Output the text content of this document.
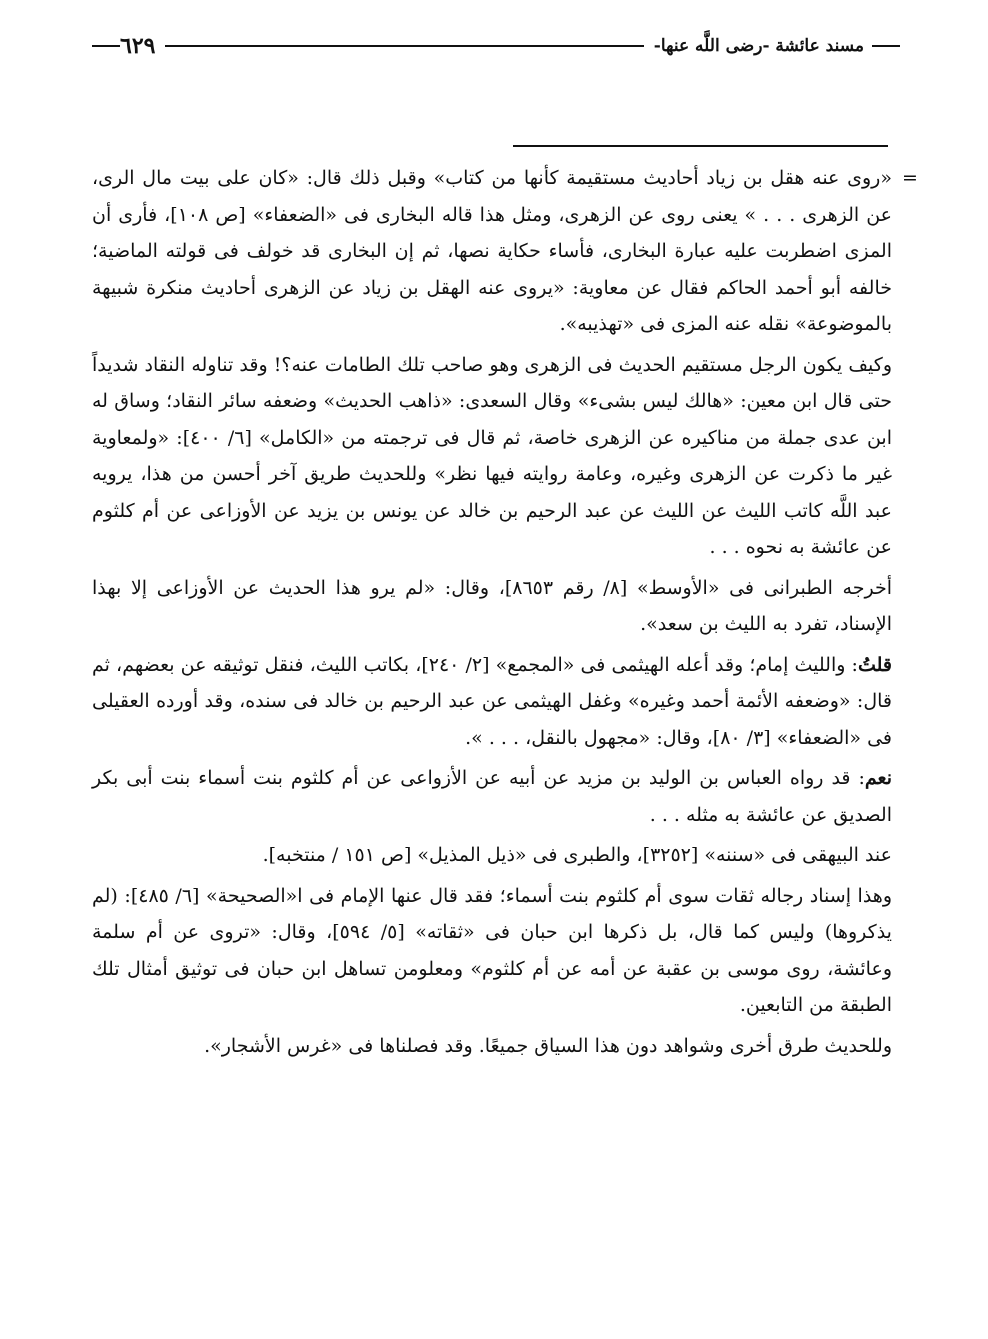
مسند عائشة -رضى اللَّه عنها-
٦٢٩
=

«روى عنه هقل بن زياد أحاديث مستقيمة كأنها من كتاب» وقبل ذلك قال: «كان على بيت مال الرى، عن الزهرى . . . » يعنى روى عن الزهرى، ومثل هذا قاله البخارى فى «الضعفاء» [ص ١٠٨]، فأرى أن المزى اضطربت عليه عبارة البخارى، فأساء حكاية نصها، ثم إن البخارى قد خولف فى قولته الماضية؛ خالفه أبو أحمد الحاكم فقال عن معاوية: «يروى عنه الهقل بن زياد عن الزهرى أحاديث منكرة شبيهة بالموضوعة» نقله عنه المزى فى «تهذيبه».

وكيف يكون الرجل مستقيم الحديث فى الزهرى وهو صاحب تلك الطامات عنه؟! وقد تناوله النقاد شديداً حتى قال ابن معين: «هالك ليس بشىء» وقال السعدى: «ذاهب الحديث» وضعفه سائر النقاد؛ وساق له ابن عدى جملة من مناكيره عن الزهرى خاصة، ثم قال فى ترجمته من «الكامل» [٦/ ٤٠٠]: «ولمعاوية غير ما ذكرت عن الزهرى وغيره، وعامة روايته فيها نظر» وللحديث طريق آخر أحسن من هذا، يرويه عبد اللَّه كاتب الليث عن الليث عن عبد الرحيم بن خالد عن يونس بن يزيد عن الأوزاعى عن أم كلثوم عن عائشة به نحوه . . .

أخرجه الطبرانى فى «الأوسط» [٨/ رقم ٨٦٥٣]، وقال: «لم يرو هذا الحديث عن الأوزاعى إلا بهذا الإسناد، تفرد به الليث بن سعد».

قلتُ: والليث إمام؛ وقد أعله الهيثمى فى «المجمع» [٢/ ٢٤٠]، بكاتب الليث، فنقل توثيقه عن بعضهم، ثم قال: «وضعفه الأئمة أحمد وغيره» وغفل الهيثمى عن عبد الرحيم بن خالد فى سنده، وقد أورده العقيلى فى «الضعفاء» [٣/ ٨٠]، وقال: «مجهول بالنقل، . . . ».

نعم: قد رواه العباس بن الوليد بن مزيد عن أبيه عن الأزواعى عن أم كلثوم بنت أسماء بنت أبى بكر الصديق عن عائشة به مثله . . .

عند البيهقى فى «سننه» [٣٢٥٢]، والطبرى فى «ذيل المذيل» [ص ١٥١ / منتخبه].

وهذا إسناد رجاله ثقات سوى أم كلثوم بنت أسماء؛ فقد قال عنها الإمام فى ا«الصحيحة» [٦/ ٤٨٥]: (لم يذكروها) وليس كما قال، بل ذكرها ابن حبان فى «ثقاته» [٥/ ٥٩٤]، وقال: «تروى عن أم سلمة وعائشة، روى موسى بن عقبة عن أمه عن أم كلثوم» ومعلومن تساهل ابن حبان فى توثيق أمثال تلك الطبقة من التابعين.

وللحديث طرق أخرى وشواهد دون هذا السياق جميعًا. وقد فصلناها فى «غرس الأشجار».
